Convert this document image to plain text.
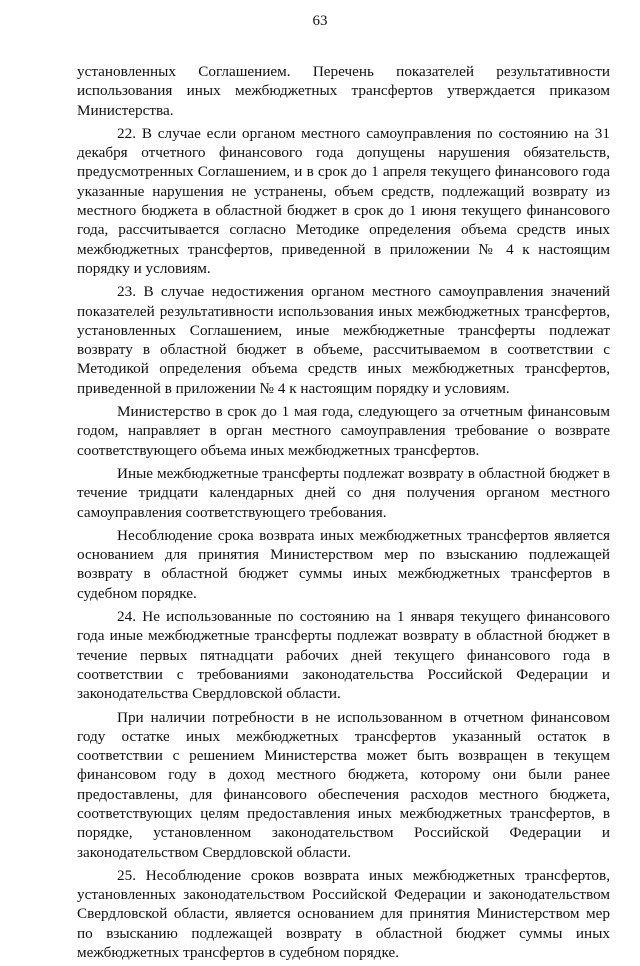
63

установленных Соглашением. Перечень показателей результативности использования иных межбюджетных трансфертов утверждается приказом Министерства.

22. В случае если органом местного самоуправления по состоянию на 31 декабря отчетного финансового года допущены нарушения обязательств, предусмотренных Соглашением, и в срок до 1 апреля текущего финансового года указанные нарушения не устранены, объем средств, подлежащий возврату из местного бюджета в областной бюджет в срок до 1 июня текущего финансового года, рассчитывается согласно Методике определения объема средств иных межбюджетных трансфертов, приведенной в приложении № 4 к настоящим порядку и условиям.

23. В случае недостижения органом местного самоуправления значений показателей результативности использования иных межбюджетных трансфертов, установленных Соглашением, иные межбюджетные трансферты подлежат возврату в областной бюджет в объеме, рассчитываемом в соответствии с Методикой определения объема средств иных межбюджетных трансфертов, приведенной в приложении № 4 к настоящим порядку и условиям.

Министерство в срок до 1 мая года, следующего за отчетным финансовым годом, направляет в орган местного самоуправления требование о возврате соответствующего объема иных межбюджетных трансфертов.

Иные межбюджетные трансферты подлежат возврату в областной бюджет в течение тридцати календарных дней со дня получения органом местного самоуправления соответствующего требования.

Несоблюдение срока возврата иных межбюджетных трансфертов является основанием для принятия Министерством мер по взысканию подлежащей возврату в областной бюджет суммы иных межбюджетных трансфертов в судебном порядке.

24. Не использованные по состоянию на 1 января текущего финансового года иные межбюджетные трансферты подлежат возврату в областной бюджет в течение первых пятнадцати рабочих дней текущего финансового года в соответствии с требованиями законодательства Российской Федерации и законодательства Свердловской области.

При наличии потребности в не использованном в отчетном финансовом году остатке иных межбюджетных трансфертов указанный остаток в соответствии с решением Министерства может быть возвращен в текущем финансовом году в доход местного бюджета, которому они были ранее предоставлены, для финансового обеспечения расходов местного бюджета, соответствующих целям предоставления иных межбюджетных трансфертов, в порядке, установленном законодательством Российской Федерации и законодательством Свердловской области.

25. Несоблюдение сроков возврата иных межбюджетных трансфертов, установленных законодательством Российской Федерации и законодательством Свердловской области, является основанием для принятия Министерством мер по взысканию подлежащей возврату в областной бюджет суммы иных межбюджетных трансфертов в судебном порядке.
